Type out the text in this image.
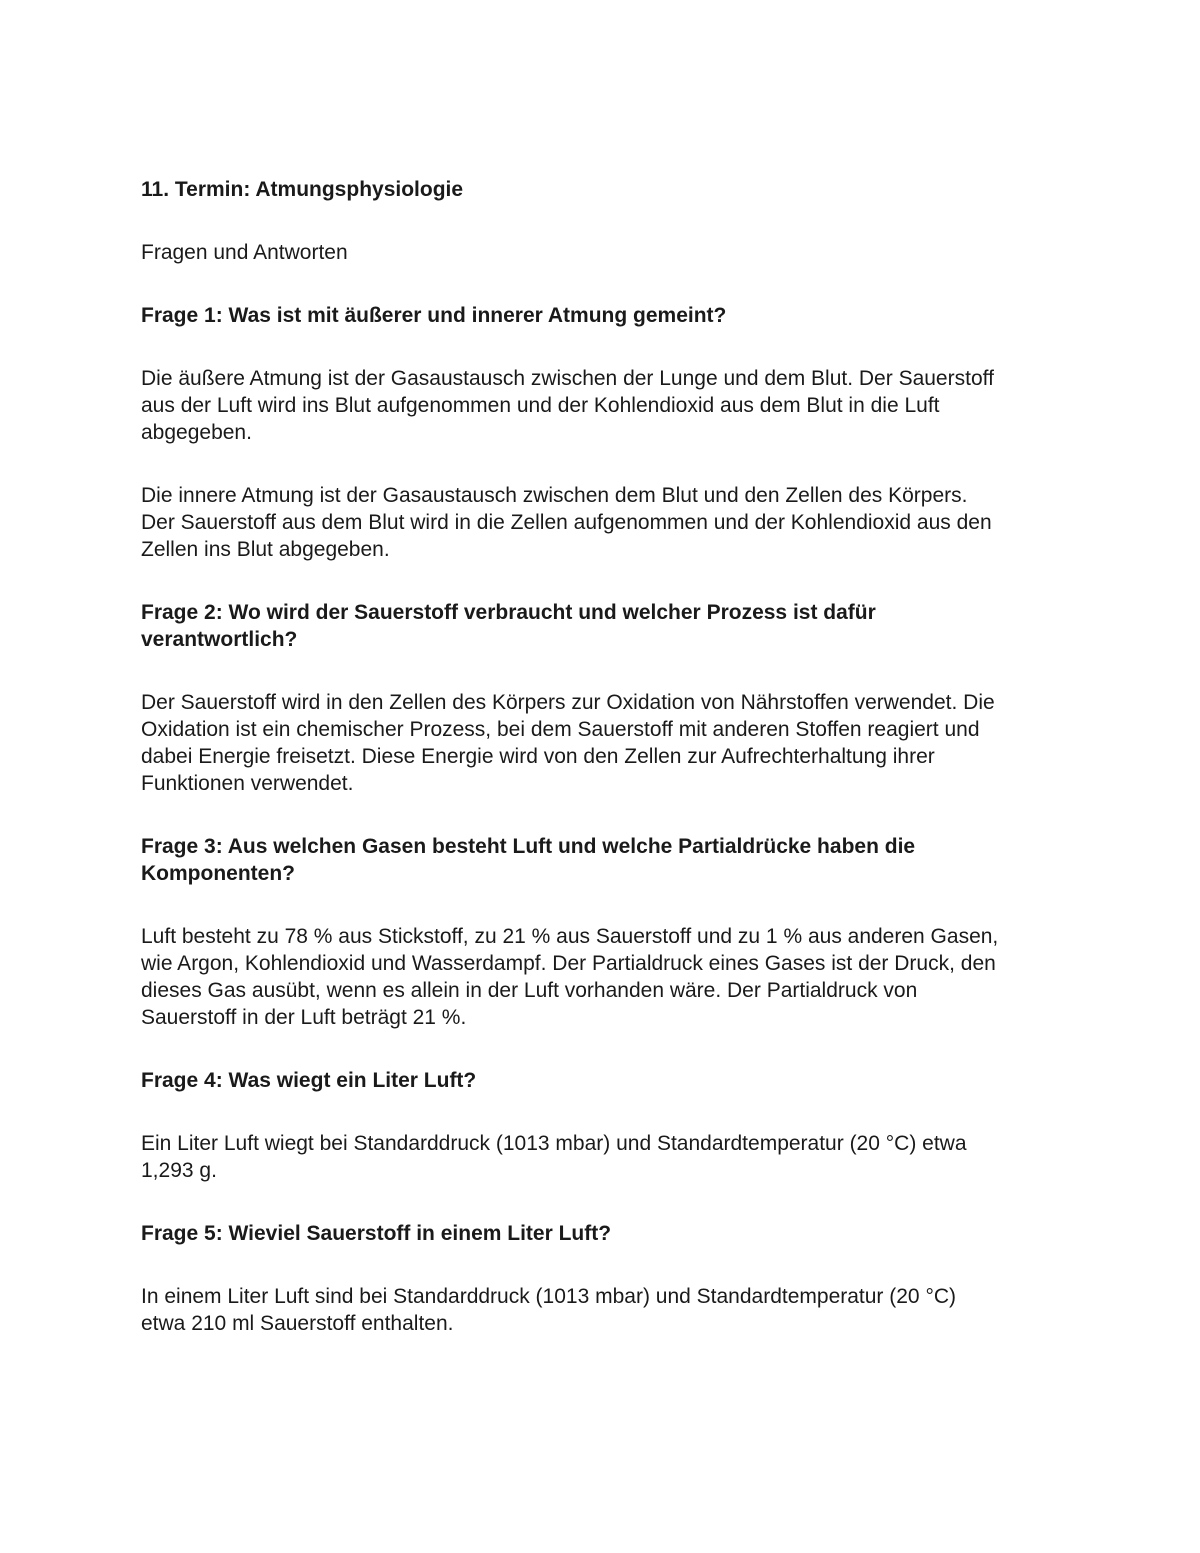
11. Termin: Atmungsphysiologie
Fragen und Antworten
Frage 1: Was ist mit äußerer und innerer Atmung gemeint?
Die äußere Atmung ist der Gasaustausch zwischen der Lunge und dem Blut. Der Sauerstoff aus der Luft wird ins Blut aufgenommen und der Kohlendioxid aus dem Blut in die Luft abgegeben.
Die innere Atmung ist der Gasaustausch zwischen dem Blut und den Zellen des Körpers. Der Sauerstoff aus dem Blut wird in die Zellen aufgenommen und der Kohlendioxid aus den Zellen ins Blut abgegeben.
Frage 2: Wo wird der Sauerstoff verbraucht und welcher Prozess ist dafür verantwortlich?
Der Sauerstoff wird in den Zellen des Körpers zur Oxidation von Nährstoffen verwendet. Die Oxidation ist ein chemischer Prozess, bei dem Sauerstoff mit anderen Stoffen reagiert und dabei Energie freisetzt. Diese Energie wird von den Zellen zur Aufrechterhaltung ihrer Funktionen verwendet.
Frage 3: Aus welchen Gasen besteht Luft und welche Partialdrücke haben die Komponenten?
Luft besteht zu 78 % aus Stickstoff, zu 21 % aus Sauerstoff und zu 1 % aus anderen Gasen, wie Argon, Kohlendioxid und Wasserdampf. Der Partialdruck eines Gases ist der Druck, den dieses Gas ausübt, wenn es allein in der Luft vorhanden wäre. Der Partialdruck von Sauerstoff in der Luft beträgt 21 %.
Frage 4: Was wiegt ein Liter Luft?
Ein Liter Luft wiegt bei Standarddruck (1013 mbar) und Standardtemperatur (20 °C) etwa 1,293 g.
Frage 5: Wieviel Sauerstoff in einem Liter Luft?
In einem Liter Luft sind bei Standarddruck (1013 mbar) und Standardtemperatur (20 °C) etwa 210 ml Sauerstoff enthalten.
